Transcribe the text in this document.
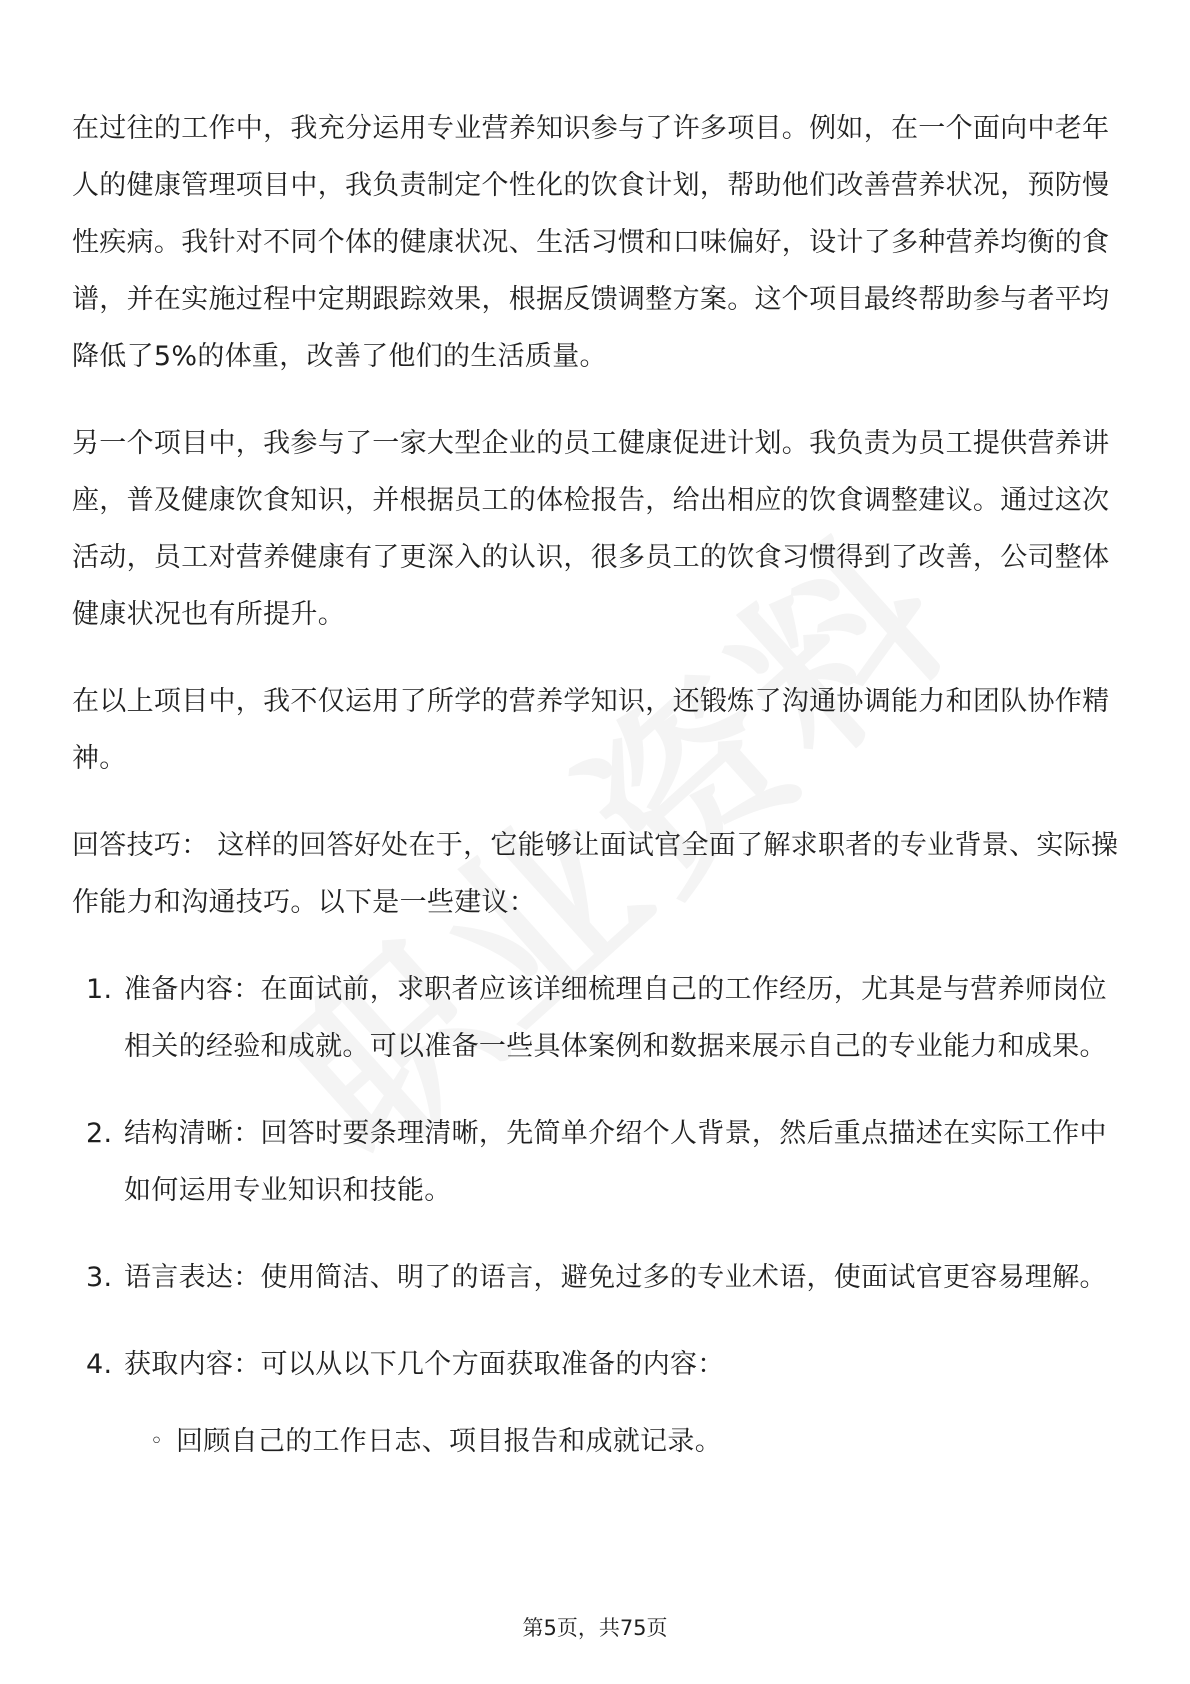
在过往的工作中，我充分运用专业营养知识参与了许多项目。例如，在一个面向中老年人的健康管理项目中，我负责制定个性化的饮食计划，帮助他们改善营养状况，预防慢性疾病。我针对不同个体的健康状况、生活习惯和口味偏好，设计了多种营养均衡的食谱，并在实施过程中定期跟踪效果，根据反馈调整方案。这个项目最终帮助参与者平均降低了5%的体重，改善了他们的生活质量。

另一个项目中，我参与了一家大型企业的员工健康促进计划。我负责为员工提供营养讲座，普及健康饮食知识，并根据员工的体检报告，给出相应的饮食调整建议。通过这次活动，员工对营养健康有了更深入的认识，很多员工的饮食习惯得到了改善，公司整体健康状况也有所提升。

在以上项目中，我不仅运用了所学的营养学知识，还锻炼了沟通协调能力和团队协作精神。

回答技巧： 这样的回答好处在于，它能够让面试官全面了解求职者的专业背景、实际操作能力和沟通技巧。以下是一些建议：

1. 准备内容：在面试前，求职者应该详细梳理自己的工作经历，尤其是与营养师岗位相关的经验和成就。可以准备一些具体案例和数据来展示自己的专业能力和成果。
2. 结构清晰：回答时要条理清晰，先简单介绍个人背景，然后重点描述在实际工作中如何运用专业知识和技能。
3. 语言表达：使用简洁、明了的语言，避免过多的专业术语，使面试官更容易理解。
4. 获取内容：可以从以下几个方面获取准备的内容：
◦ 回顾自己的工作日志、项目报告和成就记录。
第5页，共75页
